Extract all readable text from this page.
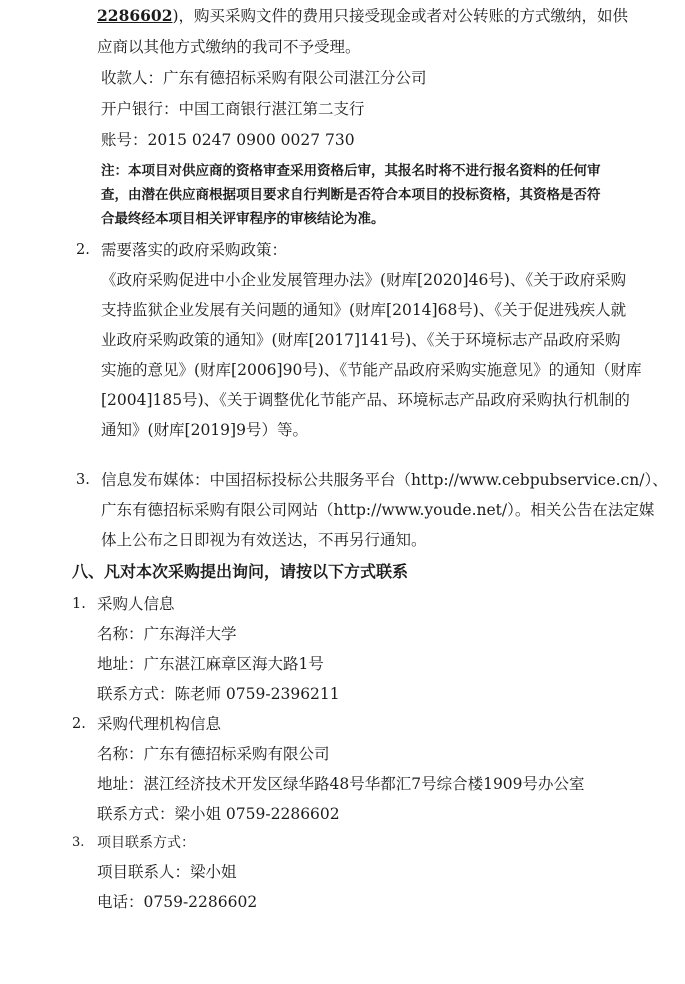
2286602)，购买采购文件的费用只接受现金或者对公转账的方式缴纳，如供
应商以其他方式缴纳的我司不予受理。
收款人：广东有德招标采购有限公司湛江分公司
开户银行：中国工商银行湛江第二支行
账号：2015 0247 0900 0027 730
注：本项目对供应商的资格审查采用资格后审，其报名时将不进行报名资料的任何审
查，由潜在供应商根据项目要求自行判断是否符合本项目的投标资格，其资格是否符
合最终经本项目相关评审程序的审核结论为准。
2. 需要落实的政府采购政策：
《政府采购促进中小企业发展管理办法》(财库[2020]46号)、《关于政府采购
支持监狱企业发展有关问题的通知》(财库[2014]68号)、《关于促进残疾人就
业政府采购政策的通知》(财库[2017]141号)、《关于环境标志产品政府采购
实施的意见》(财库[2006]90号)、《节能产品政府采购实施意见》的通知（财库
[2004]185号)、《关于调整优化节能产品、环境标志产品政府采购执行机制的
通知》(财库[2019]9号）等。
3. 信息发布媒体：中国招标投标公共服务平台（http://www.cebpubservice.cn/）、
广东有德招标采购有限公司网站（http://www.youde.net/）。相关公告在法定媒
体上公布之日即视为有效送达，不再另行通知。
八、凡对本次采购提出询问，请按以下方式联系
1. 采购人信息
名称：广东海洋大学
地址：广东湛江麻章区海大路1号
联系方式：陈老师 0759-2396211
2. 采购代理机构信息
名称：广东有德招标采购有限公司
地址：湛江经济技术开发区绿华路48号华都汇7号综合楼1909号办公室
联系方式：梁小姐 0759-2286602
3. 项目联系方式：
项目联系人：梁小姐
电话：0759-2286602
